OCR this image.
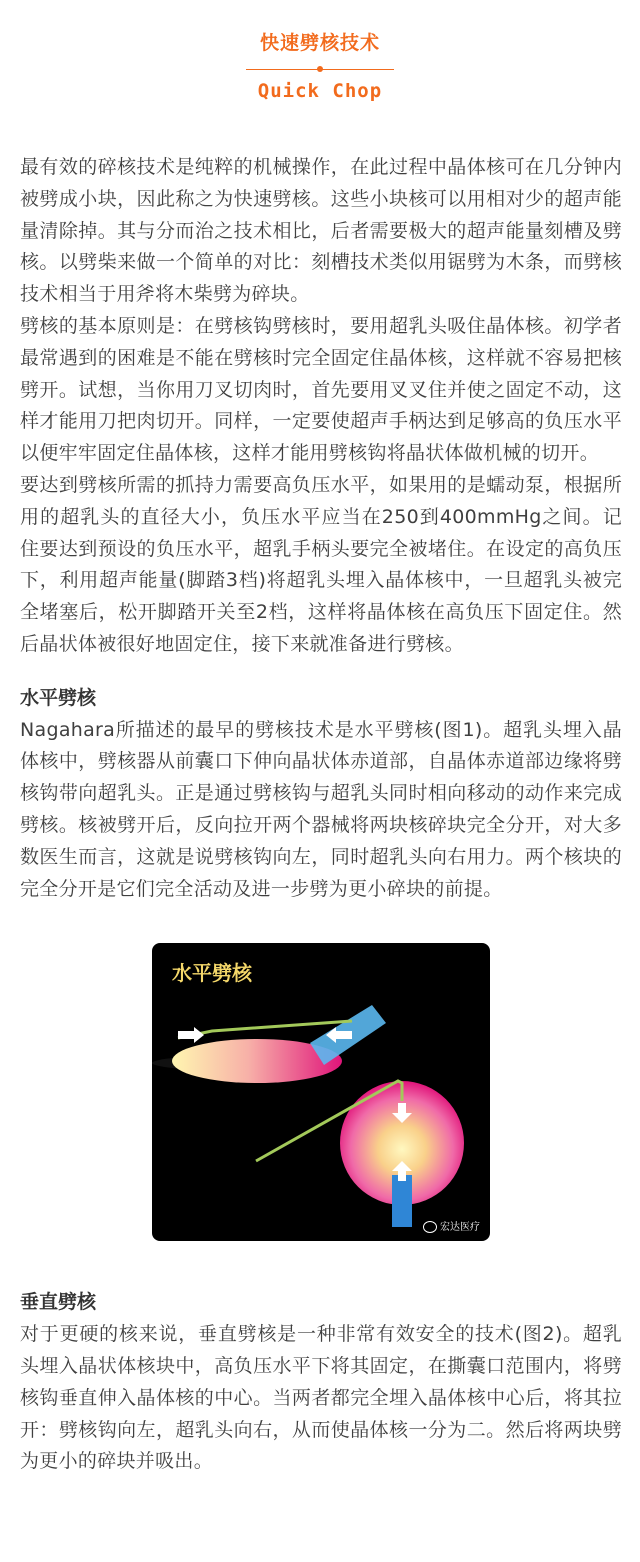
快速劈核技术
Quick Chop

最有效的碎核技术是纯粹的机械操作，在此过程中晶体核可在几分钟内被劈成小块，因此称之为快速劈核。这些小块核可以用相对少的超声能量清除掉。其与分而治之技术相比，后者需要极大的超声能量刻槽及劈核。以劈柴来做一个简单的对比：刻槽技术类似用锯劈为木条，而劈核技术相当于用斧将木柴劈为碎块。

劈核的基本原则是：在劈核钩劈核时，要用超乳头吸住晶体核。初学者最常遇到的困难是不能在劈核时完全固定住晶体核，这样就不容易把核劈开。试想，当你用刀叉切肉时，首先要用叉叉住并使之固定不动，这样才能用刀把肉切开。同样，一定要使超声手柄达到足够高的负压水平以便牢牢固定住晶体核，这样才能用劈核钩将晶状体做机械的切开。

要达到劈核所需的抓持力需要高负压水平，如果用的是蠕动泵，根据所用的超乳头的直径大小，负压水平应当在250到400mmHg之间。记住要达到预设的负压水平，超乳手柄头要完全被堵住。在设定的高负压下，利用超声能量(脚踏3档)将超乳头埋入晶体核中，一旦超乳头被完全堵塞后，松开脚踏开关至2档，这样将晶体核在高负压下固定住。然后晶状体被很好地固定住，接下来就准备进行劈核。

水平劈核

Nagahara所描述的最早的劈核技术是水平劈核(图1)。超乳头埋入晶体核中，劈核器从前囊口下伸向晶状体赤道部，自晶体赤道部边缘将劈核钩带向超乳头。正是通过劈核钩与超乳头同时相向移动的动作来完成劈核。核被劈开后，反向拉开两个器械将两块核碎块完全分开，对大多数医生而言，这就是说劈核钩向左，同时超乳头向右用力。两个核块的完全分开是它们完全活动及进一步劈为更小碎块的前提。

水平劈核
宏达医疗
垂直劈核

对于更硬的核来说，垂直劈核是一种非常有效安全的技术(图2)。超乳头埋入晶状体核块中，高负压水平下将其固定，在撕囊口范围内，将劈核钩垂直伸入晶体核的中心。当两者都完全埋入晶体核中心后，将其拉开：劈核钩向左，超乳头向右，从而使晶体核一分为二。然后将两块劈为更小的碎块并吸出。
